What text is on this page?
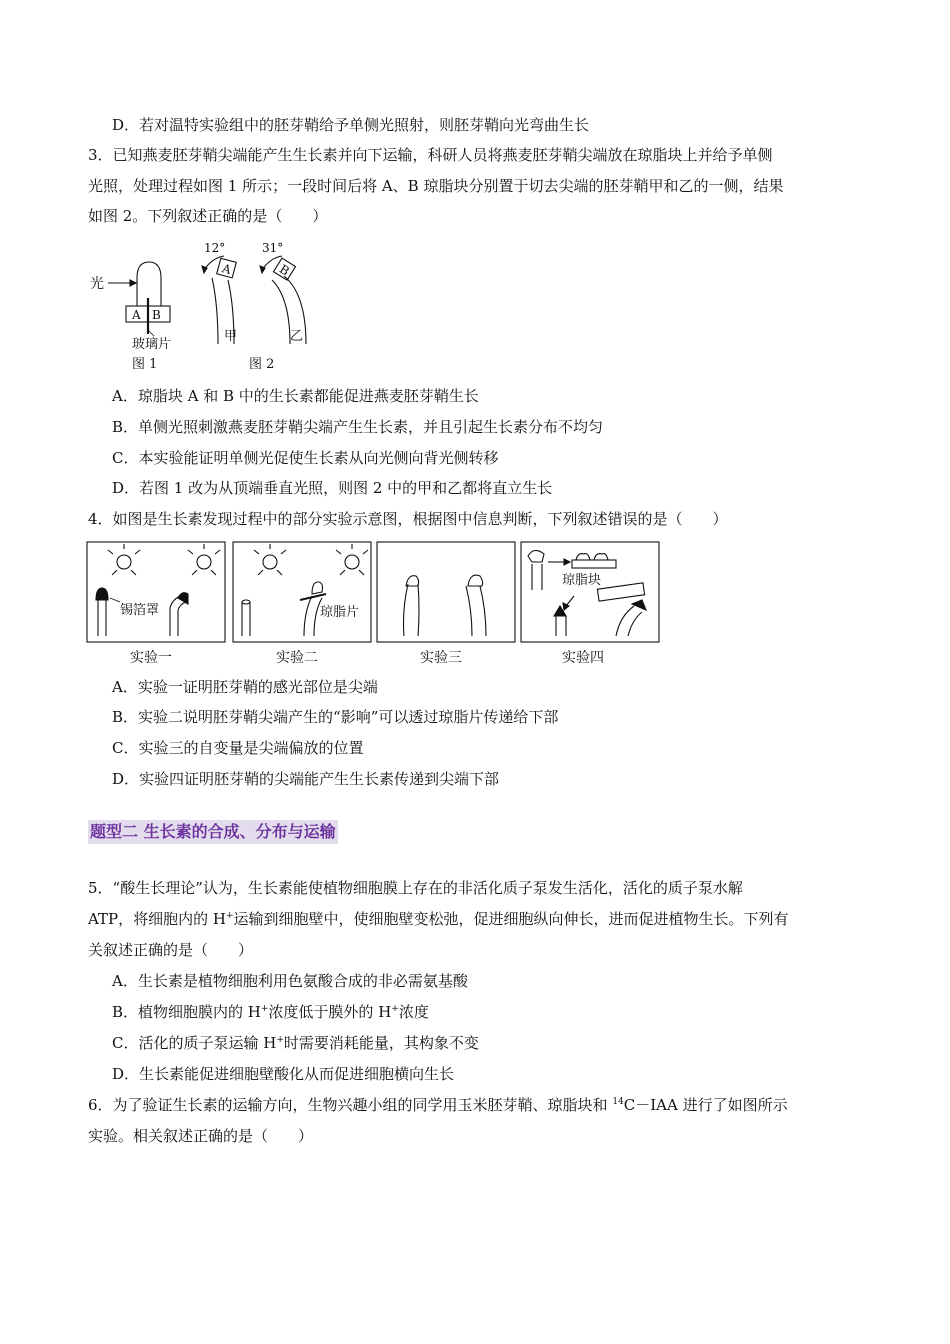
D．若对温特实验组中的胚芽鞘给予单侧光照射，则胚芽鞘向光弯曲生长
3．已知燕麦胚芽鞘尖端能产生生长素并向下运输，科研人员将燕麦胚芽鞘尖端放在琼脂块上并给予单侧
光照，处理过程如图 1 所示；一段时间后将 A、B 琼脂块分别置于切去尖端的胚芽鞘甲和乙的一侧，结果
如图 2。下列叙述正确的是（　　）
光
A B
玻璃片
图 1
12°
A
甲
31°
B
乙
图 2
A．琼脂块 A 和 B 中的生长素都能促进燕麦胚芽鞘生长
B．单侧光照刺激燕麦胚芽鞘尖端产生生长素，并且引起生长素分布不均匀
C．本实验能证明单侧光促使生长素从向光侧向背光侧转移
D．若图 1 改为从顶端垂直光照，则图 2 中的甲和乙都将直立生长
4．如图是生长素发现过程中的部分实验示意图，根据图中信息判断，下列叙述错误的是（　　）
锡箔罩	琼脂片
琼脂块
实验一	实验二	实验三	实验四
A．实验一证明胚芽鞘的感光部位是尖端
B．实验二说明胚芽鞘尖端产生的“影响”可以透过琼脂片传递给下部
C．实验三的自变量是尖端偏放的位置
D．实验四证明胚芽鞘的尖端能产生生长素传递到尖端下部
题型二 生长素的合成、分布与运输
5．“酸生长理论”认为，生长素能使植物细胞膜上存在的非活化质子泵发生活化，活化的质子泵水解
ATP，将细胞内的 H+运输到细胞壁中，使细胞壁变松弛，促进细胞纵向伸长，进而促进植物生长。下列有
关叙述正确的是（　　）
A．生长素是植物细胞利用色氨酸合成的非必需氨基酸
B．植物细胞膜内的 H+浓度低于膜外的 H+浓度
C．活化的质子泵运输 H+时需要消耗能量，其构象不变
D．生长素能促进细胞壁酸化从而促进细胞横向生长
6．为了验证生长素的运输方向，生物兴趣小组的同学用玉米胚芽鞘、琼脂块和 $^{14}$C－IAA 进行了如图所示
实验。相关叙述正确的是（　　）
